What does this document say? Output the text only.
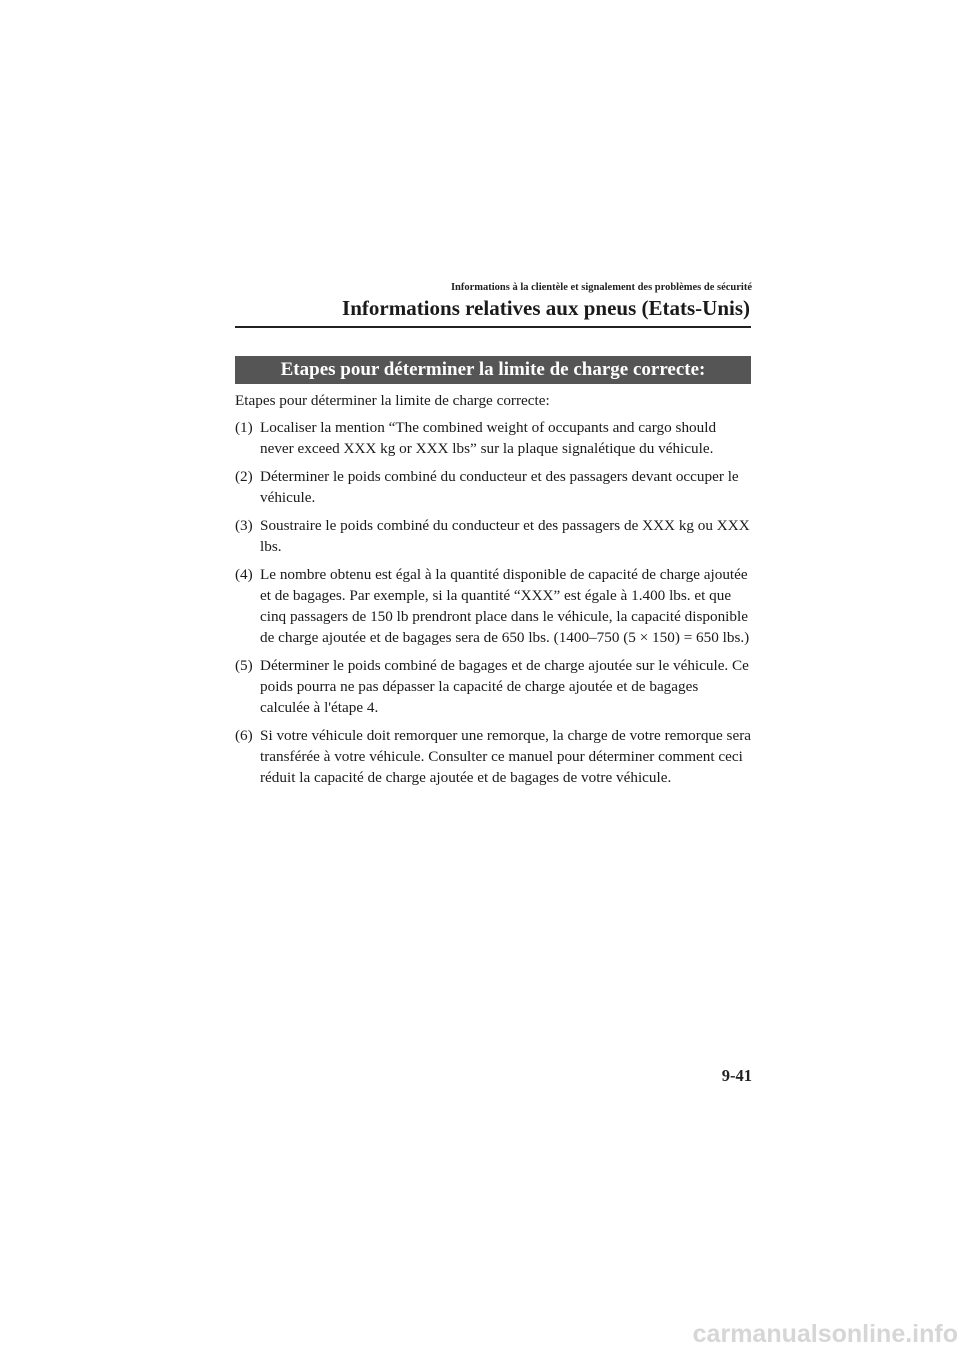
Informations à la clientèle et signalement des problèmes de sécurité
Informations relatives aux pneus (Etats-Unis)
Etapes pour déterminer la limite de charge correcte:

Etapes pour déterminer la limite de charge correcte:

(1) Localiser la mention “The combined weight of occupants and cargo should never exceed XXX kg or XXX lbs” sur la plaque signalétique du véhicule.
(2) Déterminer le poids combiné du conducteur et des passagers devant occuper le véhicule.
(3) Soustraire le poids combiné du conducteur et des passagers de XXX kg ou XXX lbs.
(4) Le nombre obtenu est égal à la quantité disponible de capacité de charge ajoutée et de bagages. Par exemple, si la quantité “XXX” est égale à 1.400 lbs. et que cinq passagers de 150 lb prendront place dans le véhicule, la capacité disponible de charge ajoutée et de bagages sera de 650 lbs. (1400–750 (5 × 150) = 650 lbs.)
(5) Déterminer le poids combiné de bagages et de charge ajoutée sur le véhicule. Ce poids pourra ne pas dépasser la capacité de charge ajoutée et de bagages calculée à l'étape 4.
(6) Si votre véhicule doit remorquer une remorque, la charge de votre remorque sera transférée à votre véhicule. Consulter ce manuel pour déterminer comment ceci réduit la capacité de charge ajoutée et de bagages de votre véhicule.
9-41
carmanualsonline.info
